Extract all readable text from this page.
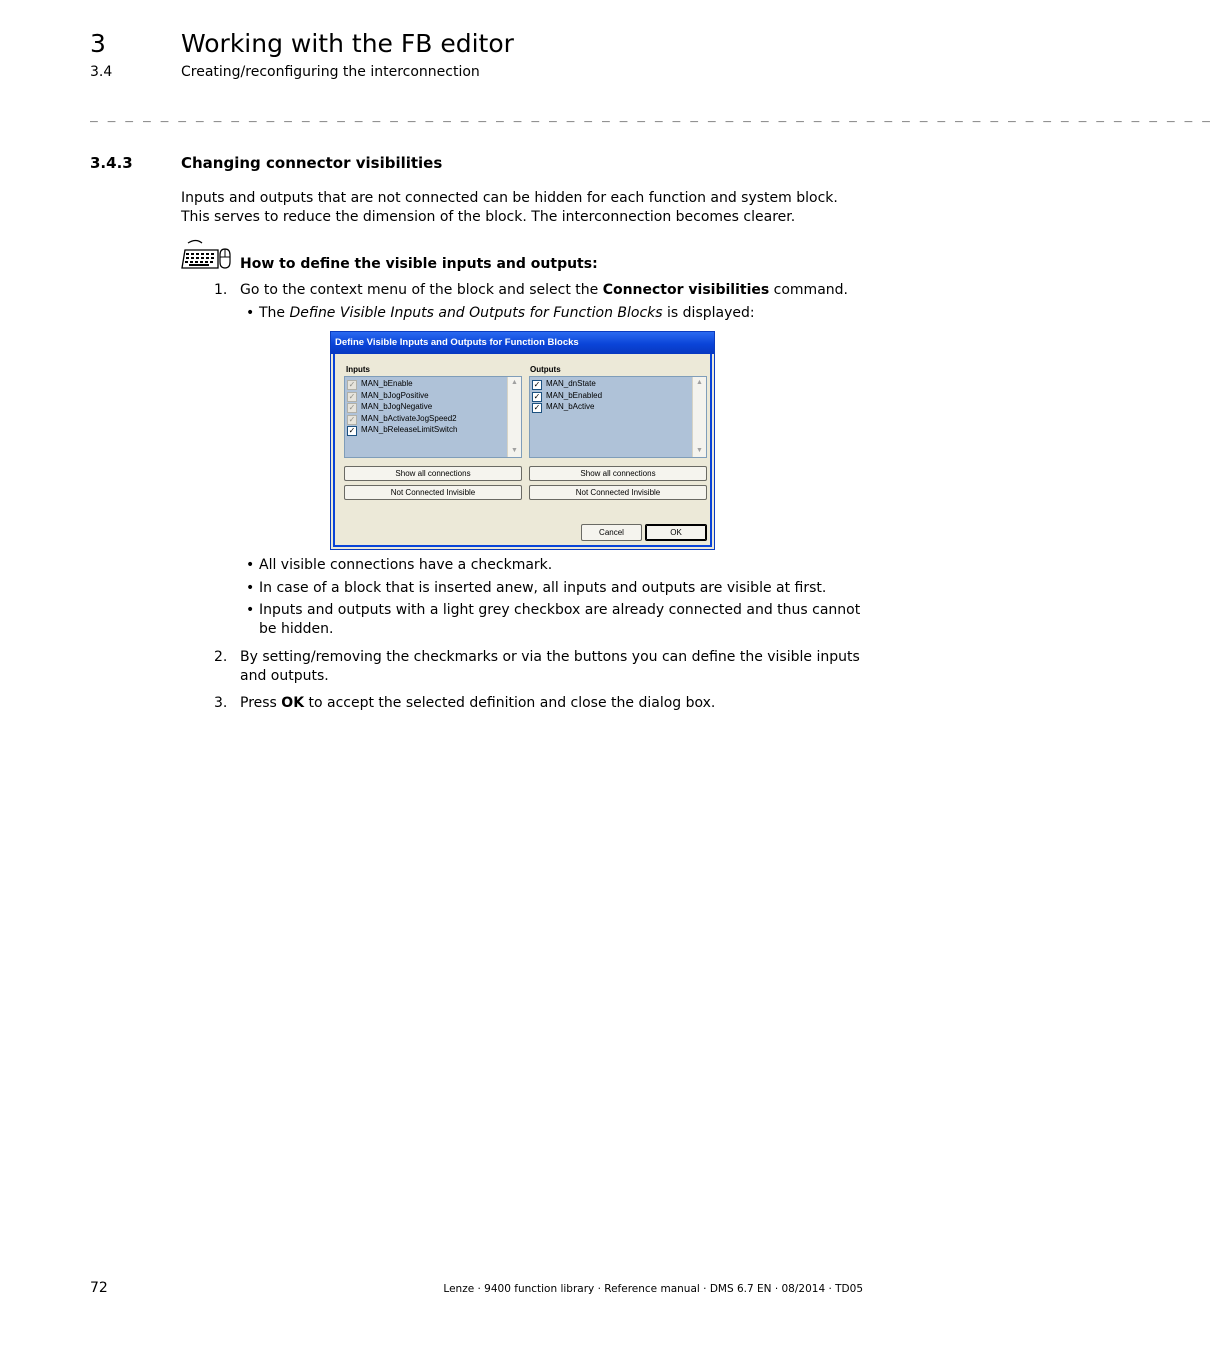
3	Working with the FB editor
3.4	Creating/reconfiguring the interconnection
_ _ _ _ _ _ _ _ _ _ _ _ _ _ _ _ _ _ _ _ _ _ _ _ _ _ _ _ _ _ _ _ _ _ _ _ _ _ _ _ _ _ _ _ _ _ _ _ _ _ _ _ _ _ _ _ _ _ _ _ _ _ _ _
3.4.3	Changing connector visibilities
Inputs and outputs that are not connected can be hidden for each function and system block. This serves to reduce the dimension of the block. The interconnection becomes clearer.
How to define the visible inputs and outputs:
1. Go to the context menu of the block and select the Connector visibilities command.
• The Define Visible Inputs and Outputs for Function Blocks is displayed:
Define Visible Inputs and Outputs for Function Blocks
Inputs	Outputs
✓ MAN_bEnable
✓ MAN_bJogPositive
✓ MAN_bJogNegative
✓ MAN_bActivateJogSpeed2
✓ MAN_bReleaseLimitSwitch
▲
▼
✓ MAN_dnState
✓ MAN_bEnabled
✓ MAN_bActive
▲
▼
Show all connections	Show all connections
Not Connected Invisible	Not Connected Invisible
Cancel	OK
• All visible connections have a checkmark.
• In case of a block that is inserted anew, all inputs and outputs are visible at first.
• Inputs and outputs with a light grey checkbox are already connected and thus cannot be hidden.
2. By setting/removing the checkmarks or via the buttons you can define the visible inputs and outputs.
3. Press OK to accept the selected definition and close the dialog box.
72	Lenze · 9400 function library · Reference manual · DMS 6.7 EN · 08/2014 · TD05
